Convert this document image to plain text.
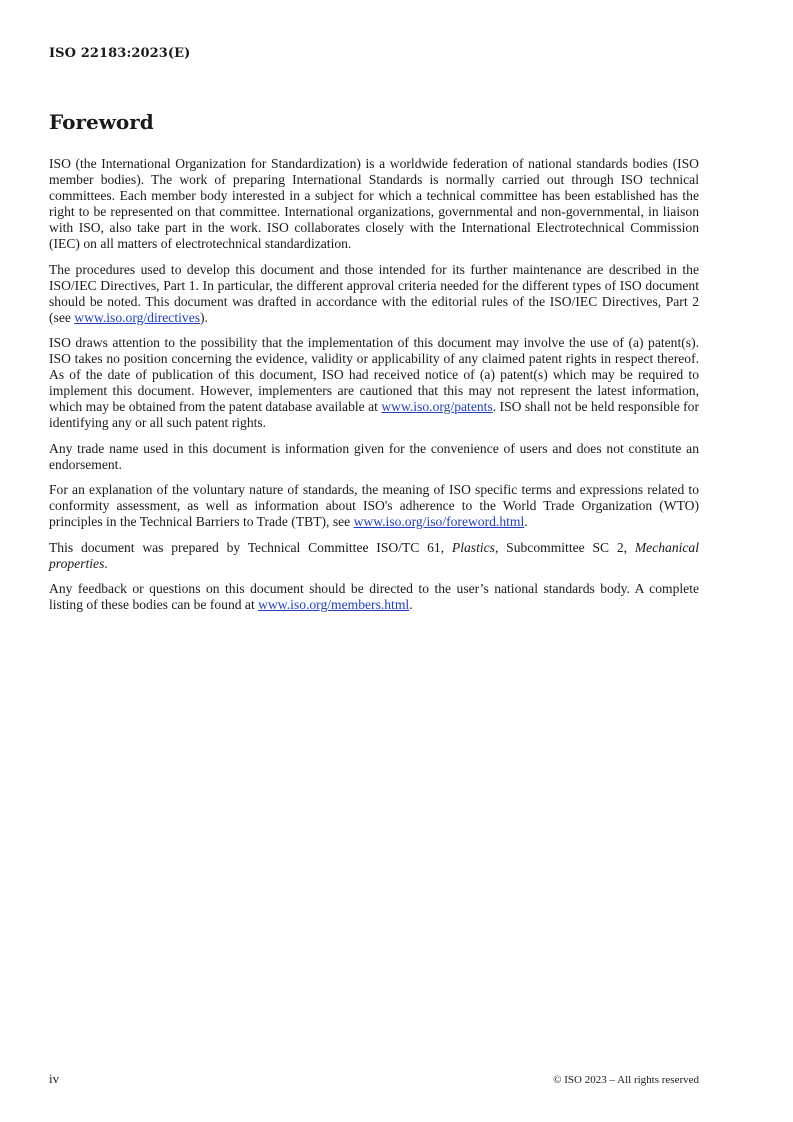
ISO 22183:2023(E)
Foreword

ISO (the International Organization for Standardization) is a worldwide federation of national standards bodies (ISO member bodies). The work of preparing International Standards is normally carried out through ISO technical committees. Each member body interested in a subject for which a technical committee has been established has the right to be represented on that committee. International organizations, governmental and non-governmental, in liaison with ISO, also take part in the work. ISO collaborates closely with the International Electrotechnical Commission (IEC) on all matters of electrotechnical standardization.

The procedures used to develop this document and those intended for its further maintenance are described in the ISO/IEC Directives, Part 1. In particular, the different approval criteria needed for the different types of ISO document should be noted. This document was drafted in accordance with the editorial rules of the ISO/IEC Directives, Part 2 (see www.iso.org/directives).

ISO draws attention to the possibility that the implementation of this document may involve the use of (a) patent(s). ISO takes no position concerning the evidence, validity or applicability of any claimed patent rights in respect thereof. As of the date of publication of this document, ISO had received notice of (a) patent(s) which may be required to implement this document. However, implementers are cautioned that this may not represent the latest information, which may be obtained from the patent database available at www.iso.org/patents. ISO shall not be held responsible for identifying any or all such patent rights.

Any trade name used in this document is information given for the convenience of users and does not constitute an endorsement.

For an explanation of the voluntary nature of standards, the meaning of ISO specific terms and expressions related to conformity assessment, as well as information about ISO's adherence to the World Trade Organization (WTO) principles in the Technical Barriers to Trade (TBT), see www.iso.org/iso/foreword.html.

This document was prepared by Technical Committee ISO/TC 61, Plastics, Subcommittee SC 2, Mechanical properties.

Any feedback or questions on this document should be directed to the user’s national standards body. A complete listing of these bodies can be found at www.iso.org/members.html.

iv	© ISO 2023 – All rights reserved
